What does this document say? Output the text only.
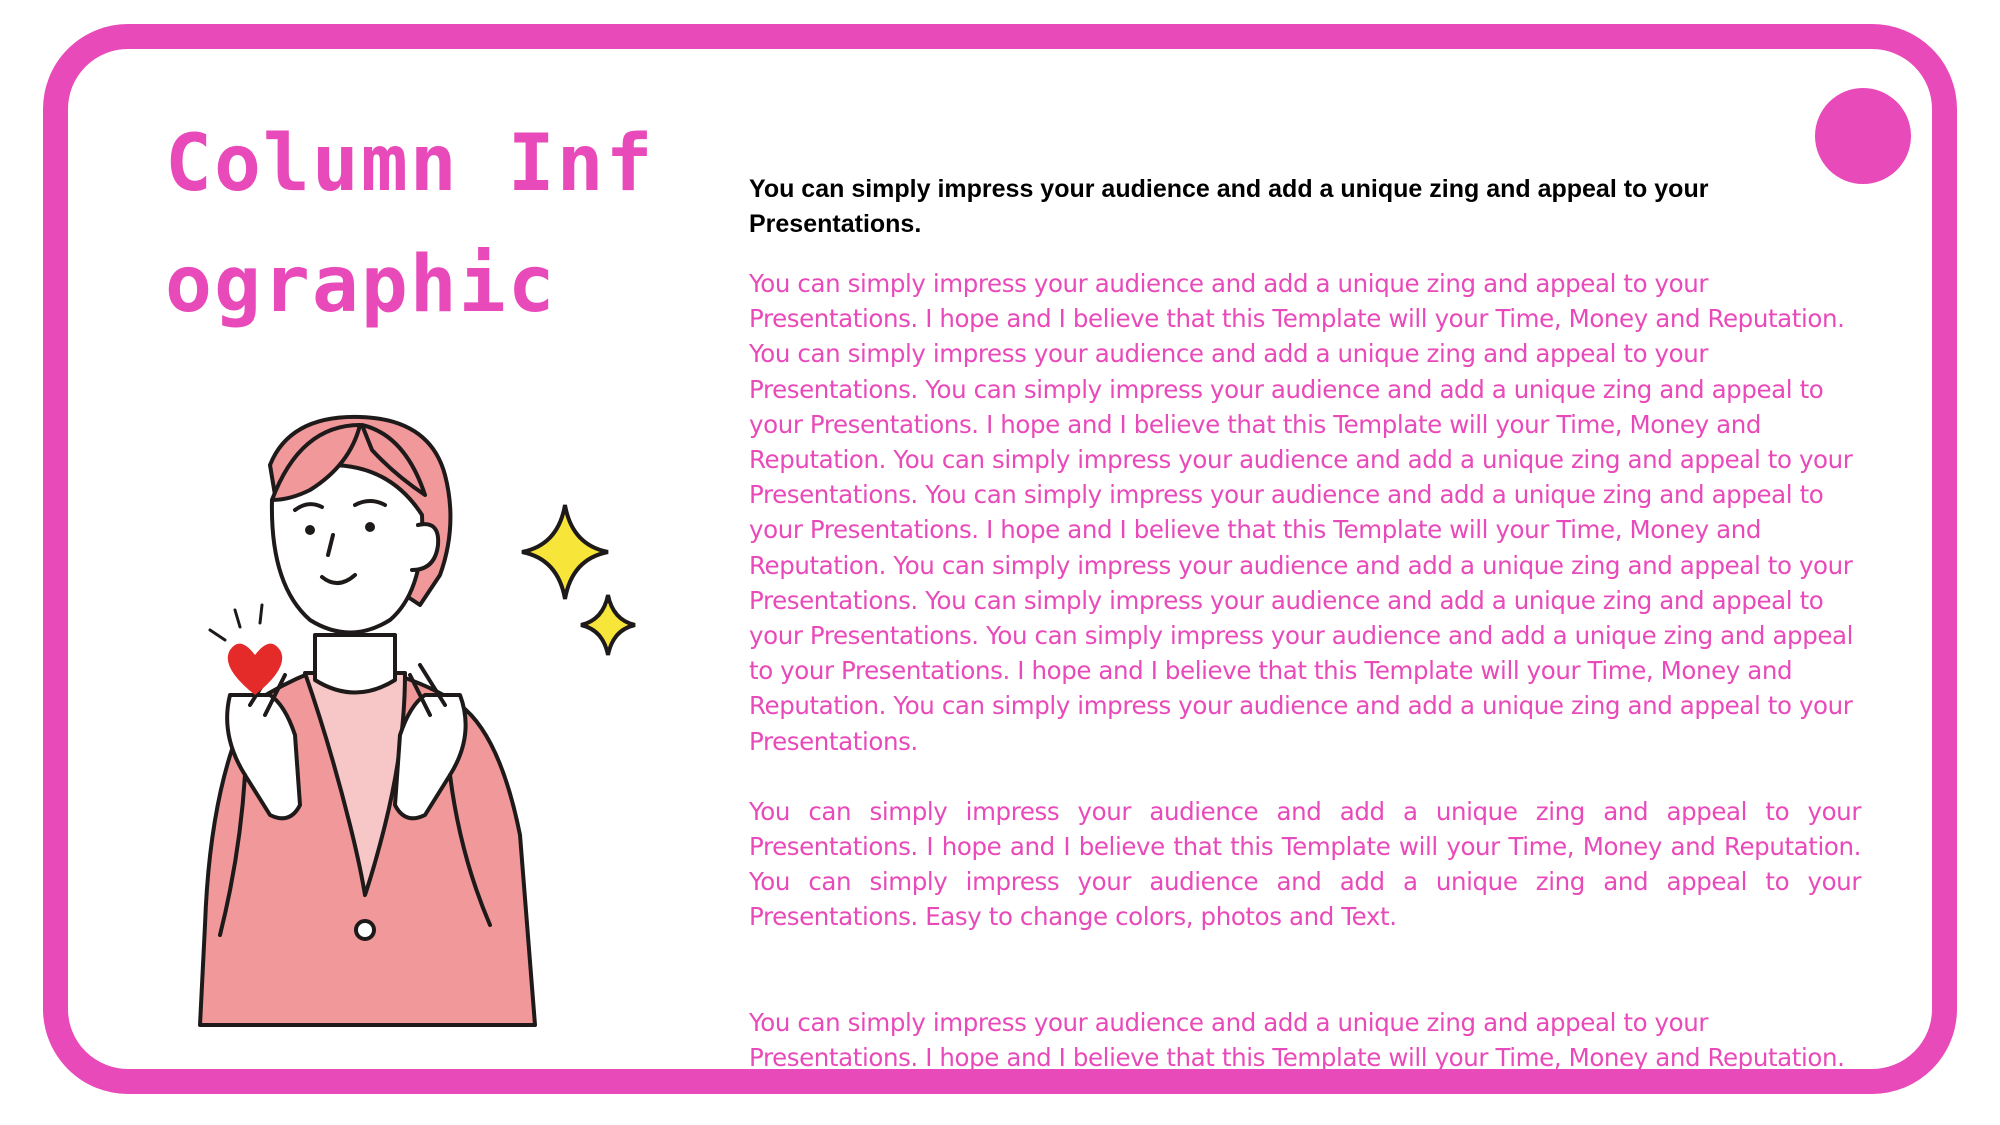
Column Infographic

You can simply impress your audience and add a unique zing and appeal to your Presentations.

You can simply impress your audience and add a unique zing and appeal to your Presentations. I hope and I believe that this Template will your Time, Money and Reputation. You can simply impress your audience and add a unique zing and appeal to your Presentations. You can simply impress your audience and add a unique zing and appeal to your Presentations. I hope and I believe that this Template will your Time, Money and Reputation. You can simply impress your audience and add a unique zing and appeal to your Presentations. You can simply impress your audience and add a unique zing and appeal to your Presentations. I hope and I believe that this Template will your Time, Money and Reputation. You can simply impress your audience and add a unique zing and appeal to your Presentations. You can simply impress your audience and add a unique zing and appeal to your Presentations. You can simply impress your audience and add a unique zing and appeal to your Presentations. I hope and I believe that this Template will your Time, Money and Reputation. You can simply impress your audience and add a unique zing and appeal to your Presentations.

You can simply impress your audience and add a unique zing and appeal to your Presentations. I hope and I believe that this Template will your Time, Money and Reputation. You can simply impress your audience and add a unique zing and appeal to your Presentations. Easy to change colors, photos and Text.

You can simply impress your audience and add a unique zing and appeal to your Presentations. I hope and I believe that this Template will your Time, Money and Reputation.
